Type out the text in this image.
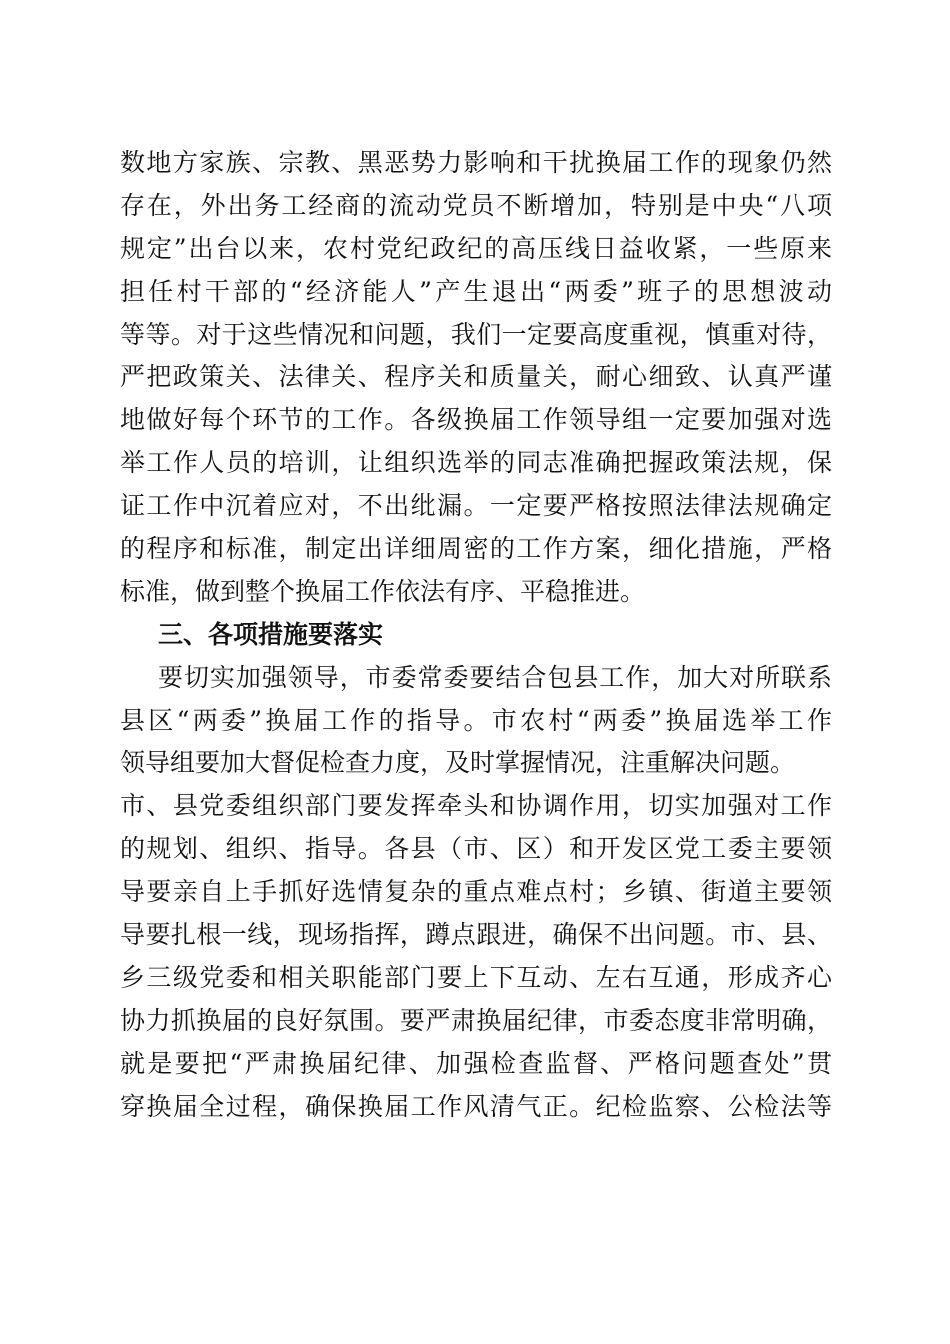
数地方家族、宗教、黑恶势力影响和干扰换届工作的现象仍然
存在，外出务工经商的流动党员不断增加，特别是中央“八项
规定”出台以来，农村党纪政纪的高压线日益收紧，一些原来
担任村干部的“经济能人”产生退出“两委”班子的思想波动
等等。对于这些情况和问题，我们一定要高度重视，慎重对待，
严把政策关、法律关、程序关和质量关，耐心细致、认真严谨
地做好每个环节的工作。各级换届工作领导组一定要加强对选
举工作人员的培训，让组织选举的同志准确把握政策法规，保
证工作中沉着应对，不出纰漏。一定要严格按照法律法规确定
的程序和标准，制定出详细周密的工作方案，细化措施，严格
标准，做到整个换届工作依法有序、平稳推进。
三、各项措施要落实
要切实加强领导，市委常委要结合包县工作，加大对所联系
县区“两委”换届工作的指导。市农村“两委”换届选举工作
领导组要加大督促检查力度，及时掌握情况，注重解决问题。
市、县党委组织部门要发挥牵头和协调作用，切实加强对工作
的规划、组织、指导。各县（市、区）和开发区党工委主要领
导要亲自上手抓好选情复杂的重点难点村；乡镇、街道主要领
导要扎根一线，现场指挥，蹲点跟进，确保不出问题。市、县、
乡三级党委和相关职能部门要上下互动、左右互通，形成齐心
协力抓换届的良好氛围。要严肃换届纪律，市委态度非常明确，
就是要把“严肃换届纪律、加强检查监督、严格问题查处”贯
穿换届全过程，确保换届工作风清气正。纪检监察、公检法等
